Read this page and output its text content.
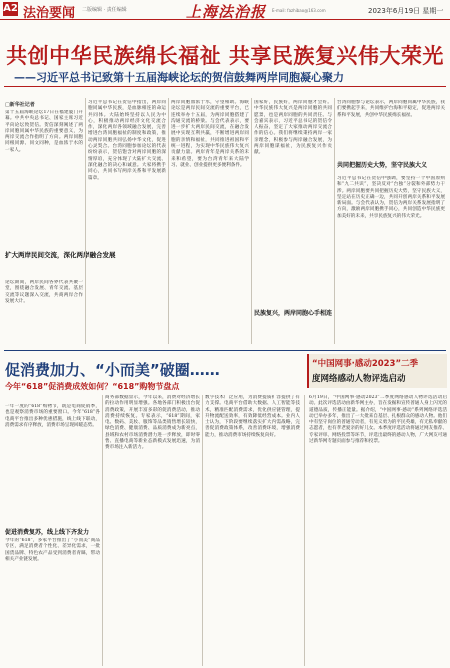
A2 法治要闻 二版编辑 · 责任编辑	上海法治报 E-mail: fazhibao@163.com	2023年6月19日 星期一
共创中华民族绵长福祉 共享民族复兴伟大荣光
——习近平总书记致第十五届海峡论坛的贺信鼓舞两岸同胞凝心聚力
□新华社记者
第十五届海峡论坛17日在福建厦门开幕。中共中央总书记、国家主席习近平向论坛致贺信。贺信深刻阐述了两岸同胞同属中华民族的重要意义，为两岸交流合作指明了方向。两岸同胞同根同源、同文同种，是血浓于水的一家人。
扩大两岸民间交流，深化两岸融合发展
论坛期间，两岸民间各界代表共聚一堂，围绕融合发展、青年交流、基层交流等议题深入交流，共商两岸合作发展大计。
习近平总书记在贺信中指出，两岸同胞同属中华民族，是血脉相连的命运共同体。大陆始终坚持以人民为中心，积极推动两岸经济文化交流合作，深化两岸各领域融合发展，完善增进台湾同胞福祉的制度和政策，推动两岸同胞共同弘扬中华文化，促进心灵契合。台湾同胞参加论坛的代表纷纷表示，贺信饱含对两岸同胞的深情厚谊，充分体现了大陆扩大交流、深化融合的决心和诚意。大家将携手同心，共同书写两岸关系和平发展新篇章。
两岸同胞血浓于水，守望相助。海峡论坛是两岸民间交流的重要平台，已连续举办十五届，为两岸同胞搭建了沟通交流的桥梁。与会代表表示，要进一步扩大两岸民间交流，在融合发展中实现互利共赢，不断增进两岸同胞的亲情和福祉，共同推进祖国和平统一进程，为实现中华民族伟大复兴贡献力量。两岸青年是两岸关系的未来和希望，要为台湾青年来大陆学习、就业、创业提供更多便利条件。
国家好，民族好，两岸同胞才会好。中华民族伟大复兴是两岸同胞的共同愿景，也是两岸同胞的共同责任。与会嘉宾表示，习近平总书记的贺信令人振奋，坚定了大家推动两岸交流合作的信心。我们将继续秉持两岸一家亲理念，积极参与两岸融合发展，为两岸同胞谋福祉，为民族复兴作贡献。
民族复兴，两岸同胞心手相连
台湾同胞参与论坛表示，两岸同胞同属中华民族，我们要携起手来，共同维护台海和平稳定，促进两岸关系和平发展，共创中华民族绵长福祉。
共同把握历史大势，坚守民族大义
习近平总书记在贺信中强调，要坚持一个中国原则和“九二共识”，坚决反对“台独”分裂和外部势力干涉。两岸同胞要共同把握历史大势，坚守民族大义，坚定站在历史正确一边，共同开创两岸关系和平发展新局面。与会代表认为，贺信为两岸关系发展指明了方向，激励两岸同胞携手同心，共同创造中华民族更加美好的未来，共享民族复兴的伟大荣光。
促消费加力、“小而美”破圈……
今年“618”促消费成效如何？“618”购物节盘点
一年一度的“618”购物节，既是电商促销季，也是观察消费市场的重要窗口。今年“618”各电商平台推出多种优惠措施，线上线下联动，消费需求有序释放，消费市场呈现回暖态势。
促进消费复苏，线上线下齐发力
今年的“618”，多家平台推出了“小而美”商品专区，满足消费者个性化、差异化需求，一批国货品牌、特色农产品受到消费者青睐，带动相关产业链发展。
商务部数据显示，今年以来，消费对经济增长的拉动作用明显增强。各地各部门积极出台促消费政策，开展丰富多彩的促消费活动，推动消费持续恢复。专家表示，“618”期间，家电、数码、美妆、服饰等品类销售增长较快，绿色消费、健康消费、品质消费成为新亮点，县域和农村市场消费潜力进一步释放，即时零售、直播电商等新业态新模式发展迅速，为消费市场注入新活力。
数字技术广泛应用，为消费提质扩容提供了有力支撑。电商平台借助大数据、人工智能等技术，精准匹配消费需求，优化供应链管理，提升物流配送效率，有效降低经营成本。业内人士认为，下阶段要继续落实扩大内需战略，完善促消费政策体系，改善消费环境，增强消费能力，推动消费市场持续恢复向好。
“中国网事·感动2023”二季
度网络感动人物评选启动
6月19日，“中国网事·感动2023”二季度网络感动人物评选活动启动。此次评选活动由新华网主办，旨在发掘和宣传普通人身上闪光的道德品质，传播正能量。据介绍，“中国网事·感动”系列网络评选活动已举办多年，推出了一大批来自基层、扎根群众的感动人物。他们中有坚守岗位的普通劳动者，有见义勇为的平民英雄，有无私奉献的志愿者，也有孝老爱亲的好儿女。本季度评选活动将通过网友推荐、专家评审、网络投票等环节，评选出最终的感动人物，广大网友可通过新华网专题页面参与推荐和投票。
